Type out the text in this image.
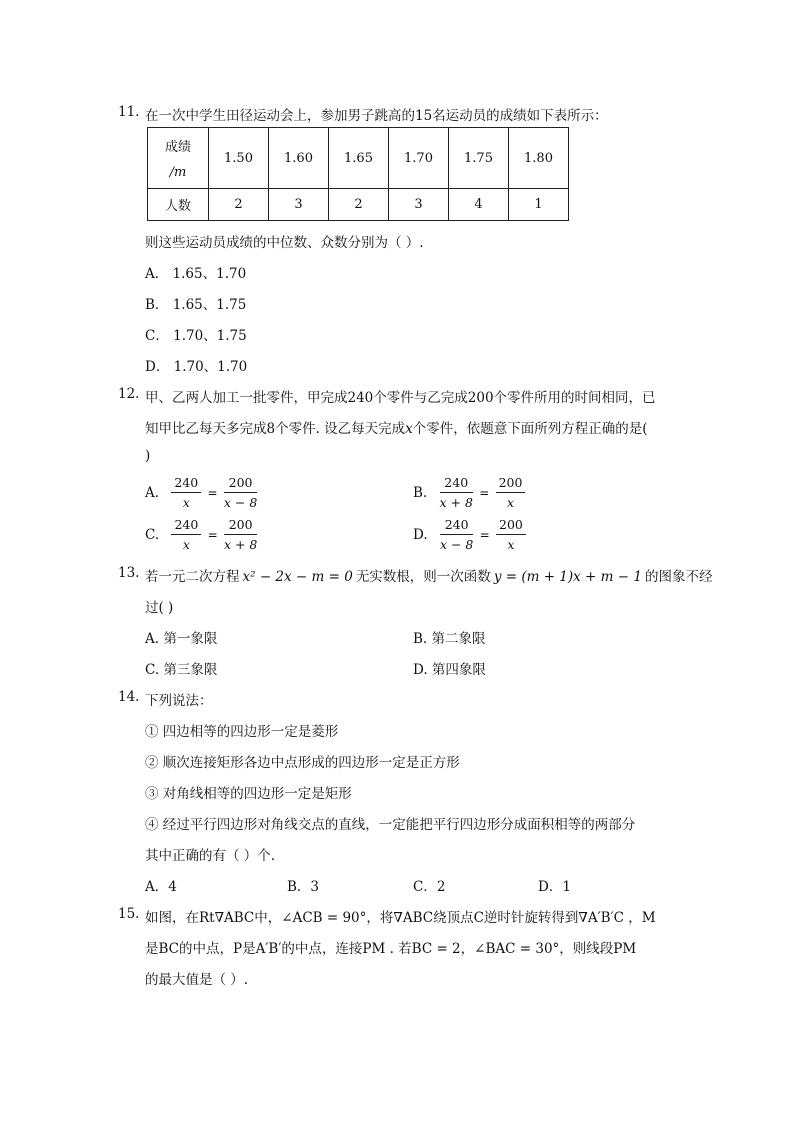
11. 在一次中学生田径运动会上，参加男子跳高的15名运动员的成绩如下表所示：
成绩
/m	1.50	1.60	1.65	1.70	1.75	1.80
人数	2	3	2	3	4	1
则这些运动员成绩的中位数、众数分别为（ ）.
A． 1.65、1.70
B． 1.65、1.75
C． 1.70、1.75
D． 1.70、1.70
12. 甲、乙两人加工一批零件，甲完成240个零件与乙完成200个零件所用的时间相同，已
知甲比乙每天多完成8个零件. 设乙每天完成x个零件，依题意下面所列方程正确的是(
)
A. $\frac{240}{x} = \frac{200}{x - 8}$	B. $\frac{240}{x + 8} = \frac{200}{x}$
C. $\frac{240}{x} = \frac{200}{x + 8}$	D. $\frac{240}{x - 8} = \frac{200}{x}$
13. 若一元二次方程 x² − 2x − m = 0 无实数根，则一次函数 y = (m + 1)x + m − 1 的图象不经
过( )
A. 第一象限	B. 第二象限
C. 第三象限	D. 第四象限
14. 下列说法：
① 四边相等的四边形一定是菱形
② 顺次连接矩形各边中点形成的四边形一定是正方形
③ 对角线相等的四边形一定是矩形
④ 经过平行四边形对角线交点的直线，一定能把平行四边形分成面积相等的两部分
其中正确的有（ ）个.
A．4	B．3	C．2	D．1
15. 如图，在Rt∇ABC中，∠ACB = 90°，将∇ABC绕顶点C逆时针旋转得到∇A′B′C ，M
是BC的中点，P是A′B′的中点，连接PM . 若BC = 2，∠BAC = 30°，则线段PM
的最大值是（ ）.
